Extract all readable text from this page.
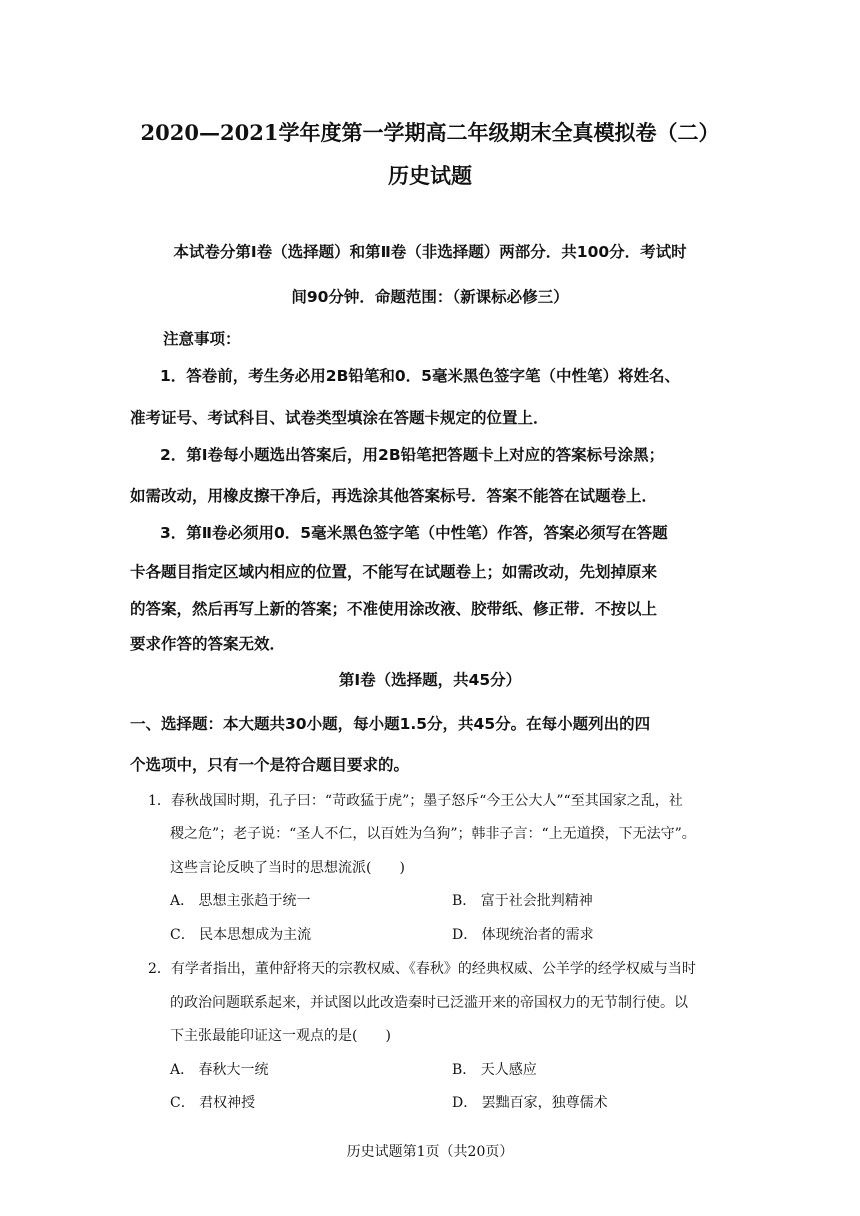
2020—2021学年度第一学期高二年级期末全真模拟卷（二）
历史试题
本试卷分第Ⅰ卷（选择题）和第Ⅱ卷（非选择题）两部分．共100分．考试时
间90分钟．命题范围：（新课标必修三）
注意事项：
1．答卷前，考生务必用2B铅笔和0．5毫米黑色签字笔（中性笔）将姓名、
准考证号、考试科目、试卷类型填涂在答题卡规定的位置上．
2．第Ⅰ卷每小题选出答案后，用2B铅笔把答题卡上对应的答案标号涂黑；
如需改动，用橡皮擦干净后，再选涂其他答案标号．答案不能答在试题卷上．
3．第Ⅱ卷必须用0．5毫米黑色签字笔（中性笔）作答，答案必须写在答题
卡各题目指定区域内相应的位置，不能写在试题卷上；如需改动，先划掉原来
的答案，然后再写上新的答案；不准使用涂改液、胶带纸、修正带．不按以上
要求作答的答案无效．
第Ⅰ卷（选择题，共45分）
一、选择题：本大题共30小题，每小题1.5分，共45分。在每小题列出的四
个选项中，只有一个是符合题目要求的。
1．春秋战国时期，孔子曰：“苛政猛于虎”；墨子怒斥“今王公大人”“至其国家之乱，社
稷之危”；老子说：“圣人不仁，以百姓为刍狗”；韩非子言：“上无道揆，下无法守”。
这些言论反映了当时的思想流派(　　)
A． 思想主张趋于统一	B． 富于社会批判精神
C． 民本思想成为主流	D． 体现统治者的需求
2．有学者指出，董仲舒将天的宗教权威、《春秋》的经典权威、公羊学的经学权威与当时
的政治问题联系起来，并试图以此改造秦时已泛滥开来的帝国权力的无节制行使。以
下主张最能印证这一观点的是(　　)
A． 春秋大一统	B． 天人感应
C． 君权神授	D． 罢黜百家，独尊儒术
历史试题第1页（共20页）
